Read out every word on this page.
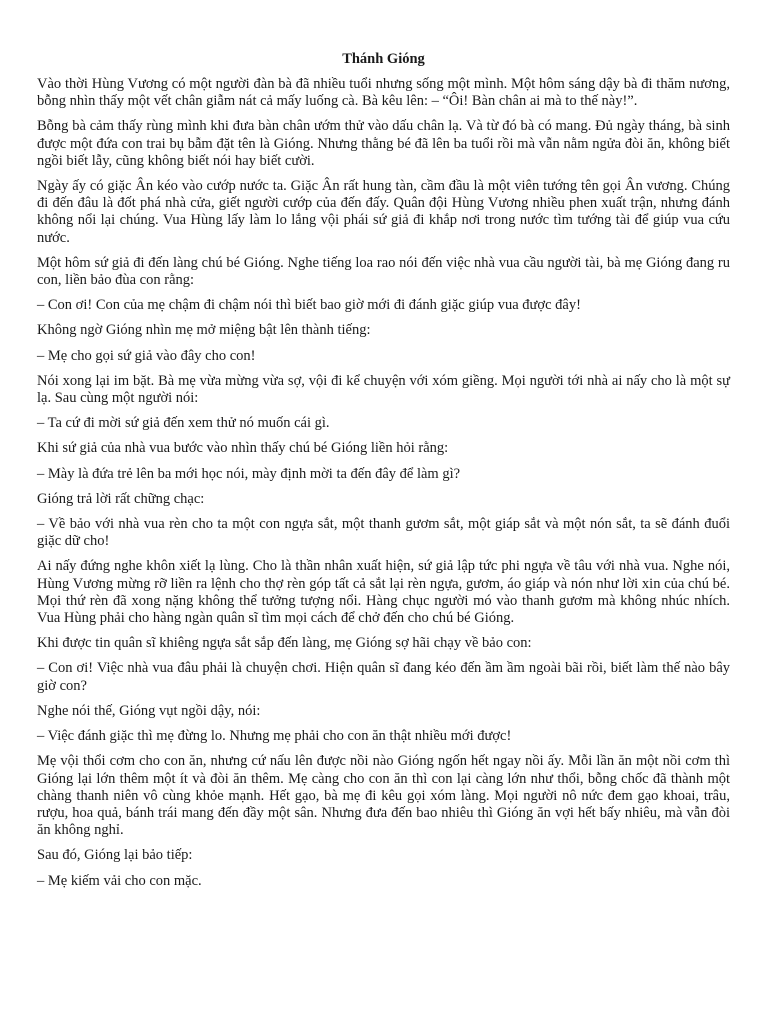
Thánh Gióng

Vào thời Hùng Vương có một người đàn bà đã nhiều tuổi nhưng sống một mình. Một hôm sáng dậy bà đi thăm nương, bỗng nhìn thấy một vết chân giẫm nát cả mấy luống cà. Bà kêu lên: – “Ôi! Bàn chân ai mà to thế này!”.

Bỗng bà cảm thấy rùng mình khi đưa bàn chân ướm thử vào dấu chân lạ. Và từ đó bà có mang. Đủ ngày tháng, bà sinh được một đứa con trai bụ bẫm đặt tên là Gióng. Nhưng thằng bé đã lên ba tuổi rồi mà vẫn nằm ngửa đòi ăn, không biết ngồi biết lẫy, cũng không biết nói hay biết cười.

Ngày ấy có giặc Ân kéo vào cướp nước ta. Giặc Ân rất hung tàn, cầm đầu là một viên tướng tên gọi Ân vương. Chúng đi đến đâu là đốt phá nhà cửa, giết người cướp của đến đấy. Quân đội Hùng Vương nhiều phen xuất trận, nhưng đánh không nổi lại chúng. Vua Hùng lấy làm lo lắng vội phái sứ giả đi khắp nơi trong nước tìm tướng tài để giúp vua cứu nước.

Một hôm sứ giả đi đến làng chú bé Gióng. Nghe tiếng loa rao nói đến việc nhà vua cầu người tài, bà mẹ Gióng đang ru con, liền bảo đùa con rằng:

– Con ơi! Con của mẹ chậm đi chậm nói thì biết bao giờ mới đi đánh giặc giúp vua được đây!

Không ngờ Gióng nhìn mẹ mở miệng bật lên thành tiếng:

– Mẹ cho gọi sứ giả vào đây cho con!

Nói xong lại im bặt. Bà mẹ vừa mừng vừa sợ, vội đi kể chuyện với xóm giềng. Mọi người tới nhà ai nấy cho là một sự lạ. Sau cùng một người nói:

– Ta cứ đi mời sứ giả đến xem thử nó muốn cái gì.

Khi sứ giả của nhà vua bước vào nhìn thấy chú bé Gióng liền hỏi rằng:

– Mày là đứa trẻ lên ba mới học nói, mày định mời ta đến đây để làm gì?

Gióng trả lời rất chững chạc:

– Về bảo với nhà vua rèn cho ta một con ngựa sắt, một thanh gươm sắt, một giáp sắt và một nón sắt, ta sẽ đánh đuổi giặc dữ cho!

Ai nấy đứng nghe khôn xiết lạ lùng. Cho là thần nhân xuất hiện, sứ giả lập tức phi ngựa về tâu với nhà vua. Nghe nói, Hùng Vương mừng rỡ liền ra lệnh cho thợ rèn góp tất cả sắt lại rèn ngựa, gươm, áo giáp và nón như lời xin của chú bé. Mọi thứ rèn đã xong nặng không thể tưởng tượng nổi. Hàng chục người mó vào thanh gươm mà không nhúc nhích. Vua Hùng phải cho hàng ngàn quân sĩ tìm mọi cách để chở đến cho chú bé Gióng.

Khi được tin quân sĩ khiêng ngựa sắt sắp đến làng, mẹ Gióng sợ hãi chạy về bảo con:

– Con ơi! Việc nhà vua đâu phải là chuyện chơi. Hiện quân sĩ đang kéo đến ầm ầm ngoài bãi rồi, biết làm thế nào bây giờ con?

Nghe nói thế, Gióng vụt ngồi dậy, nói:

– Việc đánh giặc thì mẹ đừng lo. Nhưng mẹ phải cho con ăn thật nhiều mới được!

Mẹ vội thổi cơm cho con ăn, nhưng cứ nấu lên được nồi nào Gióng ngốn hết ngay nồi ấy. Mỗi lần ăn một nồi cơm thì Gióng lại lớn thêm một ít và đòi ăn thêm. Mẹ càng cho con ăn thì con lại càng lớn như thổi, bỗng chốc đã thành một chàng thanh niên vô cùng khỏe mạnh. Hết gạo, bà mẹ đi kêu gọi xóm làng. Mọi người nô nức đem gạo khoai, trâu, rượu, hoa quả, bánh trái mang đến đầy một sân. Nhưng đưa đến bao nhiêu thì Gióng ăn vợi hết bấy nhiêu, mà vẫn đòi ăn không nghỉ.

Sau đó, Gióng lại bảo tiếp:

– Mẹ kiếm vải cho con mặc.
